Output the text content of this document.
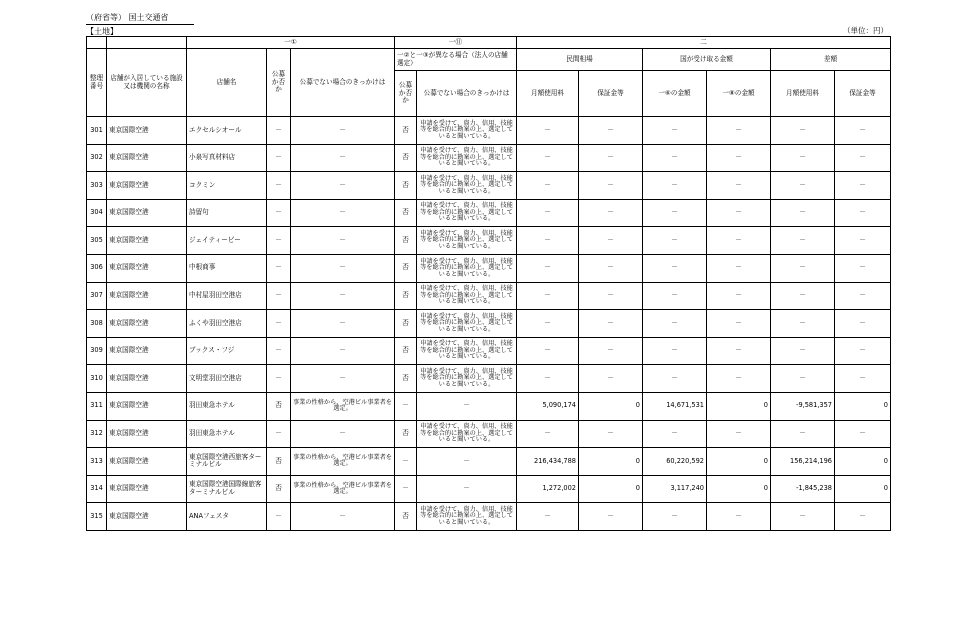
（府省等） 国土交通省
【土地】	（単位：円）
		一①			一⑪		二					
整理番号	店舗が入居している施設又は機関の名称	店舗名	公募か否か	公募でない場合のきっかけは	一②と一③が異なる場合（法人の店舗選定）		民間相場		国が受け取る金額		差額	
					公募か否か	公募でない場合のきっかけは	月額使用料	保証金等	一⑥の金額	一⑧の金額	月額使用料	保証金等
301	東京国際空港	エクセルシオール	－	－	否	申請を受けて、資力、信用、技能等を総合的に勘案の上、選定していると聞いている。	－	－	－	－	－	－
302	東京国際空港	小泉写真材料店	－	－	否	申請を受けて、資力、信用、技能等を総合的に勘案の上、選定していると聞いている。	－	－	－	－	－	－
303	東京国際空港	コクミン	－	－	否	申請を受けて、資力、信用、技能等を総合的に勘案の上、選定していると聞いている。	－	－	－	－	－	－
304	東京国際空港	詩留句	－	－	否	申請を受けて、資力、信用、技能等を総合的に勘案の上、選定していると聞いている。	－	－	－	－	－	－
305	東京国際空港	ジェイティービー	－	－	否	申請を受けて、資力、信用、技能等を総合的に勘案の上、選定していると聞いている。	－	－	－	－	－	－
306	東京国際空港	中根商事	－	－	否	申請を受けて、資力、信用、技能等を総合的に勘案の上、選定していると聞いている。	－	－	－	－	－	－
307	東京国際空港	中村屋羽田空港店	－	－	否	申請を受けて、資力、信用、技能等を総合的に勘案の上、選定していると聞いている。	－	－	－	－	－	－
308	東京国際空港	ふくや羽田空港店	－	－	否	申請を受けて、資力、信用、技能等を総合的に勘案の上、選定していると聞いている。	－	－	－	－	－	－
309	東京国際空港	ブックス・フジ	－	－	否	申請を受けて、資力、信用、技能等を総合的に勘案の上、選定していると聞いている。	－	－	－	－	－	－
310	東京国際空港	文明堂羽田空港店	－	－	否	申請を受けて、資力、信用、技能等を総合的に勘案の上、選定していると聞いている。	－	－	－	－	－	－
311	東京国際空港	羽田東急ホテル	否	事業の性格から、空港ビル事業者を選定。	－	－	5,090,174	0	14,671,531	0	-9,581,357	0
312	東京国際空港	羽田東急ホテル	－	－	否	申請を受けて、資力、信用、技能等を総合的に勘案の上、選定していると聞いている。	－	－	－	－	－	－
313	東京国際空港	東京国際空港西旅客ターミナルビル	否	事業の性格から、空港ビル事業者を選定。	－	－	216,434,788	0	60,220,592	0	156,214,196	0
314	東京国際空港	東京国際空港国際線旅客ターミナルビル	否	事業の性格から、空港ビル事業者を選定。	－	－	1,272,002	0	3,117,240	0	-1,845,238	0
315	東京国際空港	ANAフェスタ	－	－	否	申請を受けて、資力、信用、技能等を総合的に勘案の上、選定していると聞いている。	－	－	－	－	－	－
